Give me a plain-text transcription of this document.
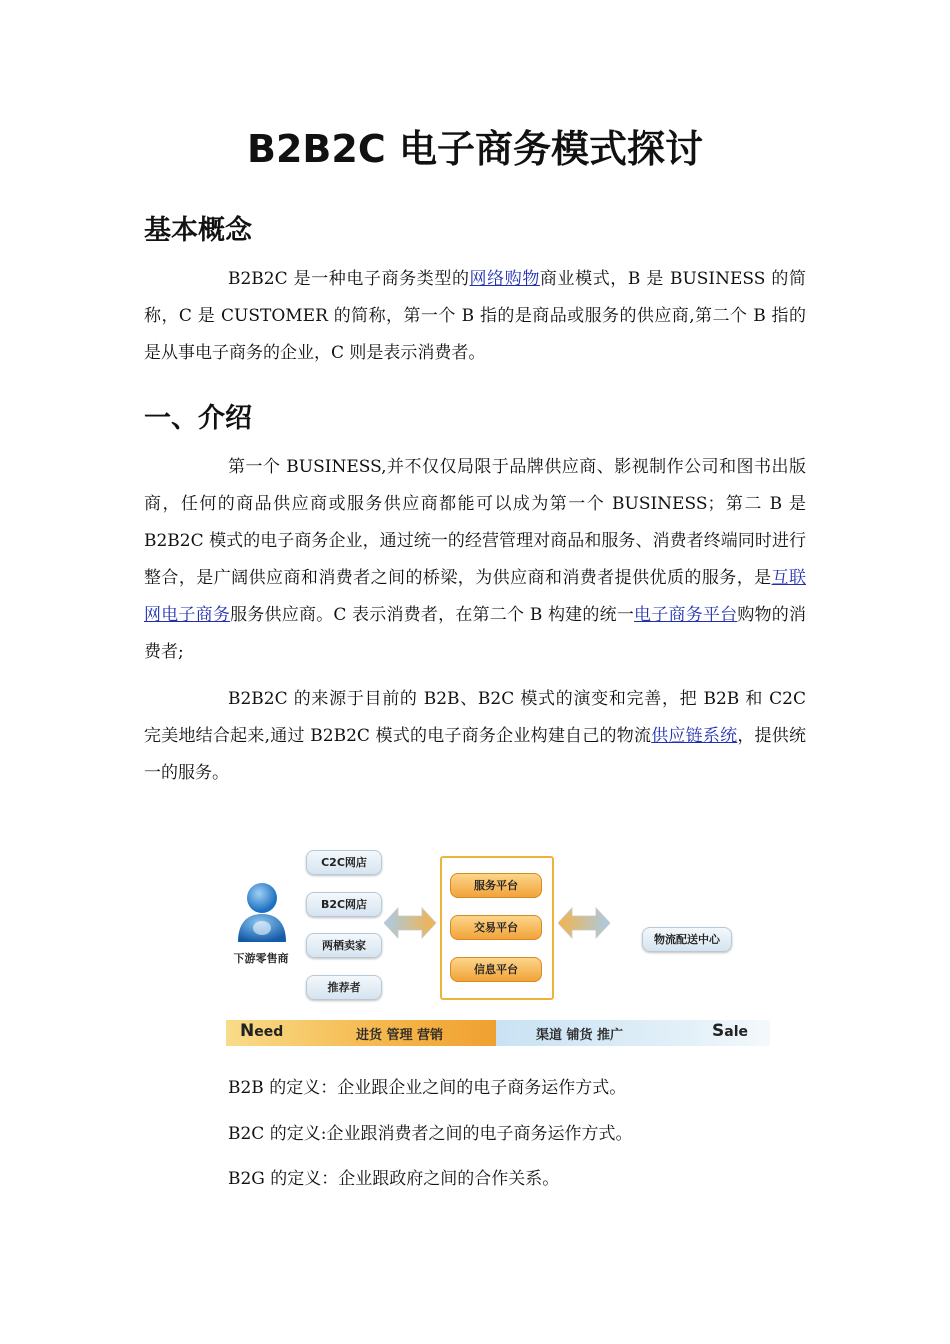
B2B2C 电子商务模式探讨
基本概念

B2B2C 是一种电子商务类型的网络购物商业模式，B 是 BUSINESS 的简称，C 是 CUSTOMER 的简称，第一个 B 指的是商品或服务的供应商,第二个 B 指的是从事电子商务的企业，C 则是表示消费者。

一、介绍

第一个 BUSINESS,并不仅仅局限于品牌供应商、影视制作公司和图书出版商，任何的商品供应商或服务供应商都能可以成为第一个 BUSINESS；第二 B 是 B2B2C 模式的电子商务企业，通过统一的经营管理对商品和服务、消费者终端同时进行整合，是广阔供应商和消费者之间的桥梁，为供应商和消费者提供优质的服务，是互联网电子商务服务供应商。C 表示消费者，在第二个 B 构建的统一电子商务平台购物的消费者;

B2B2C 的来源于目前的 B2B、B2C 模式的演变和完善，把 B2B 和 C2C 完美地结合起来,通过 B2B2C 模式的电子商务企业构建自己的物流供应链系统，提供统一的服务。

下游零售商
C2C网店
B2C网店
两栖卖家
推荐者
服务平台
交易平台
信息平台
物流配送中心
Need	进货 管理 营销	渠道 铺货 推广	Sale

B2B 的定义：企业跟企业之间的电子商务运作方式。

B2C 的定义:企业跟消费者之间的电子商务运作方式。

B2G 的定义：企业跟政府之间的合作关系。
